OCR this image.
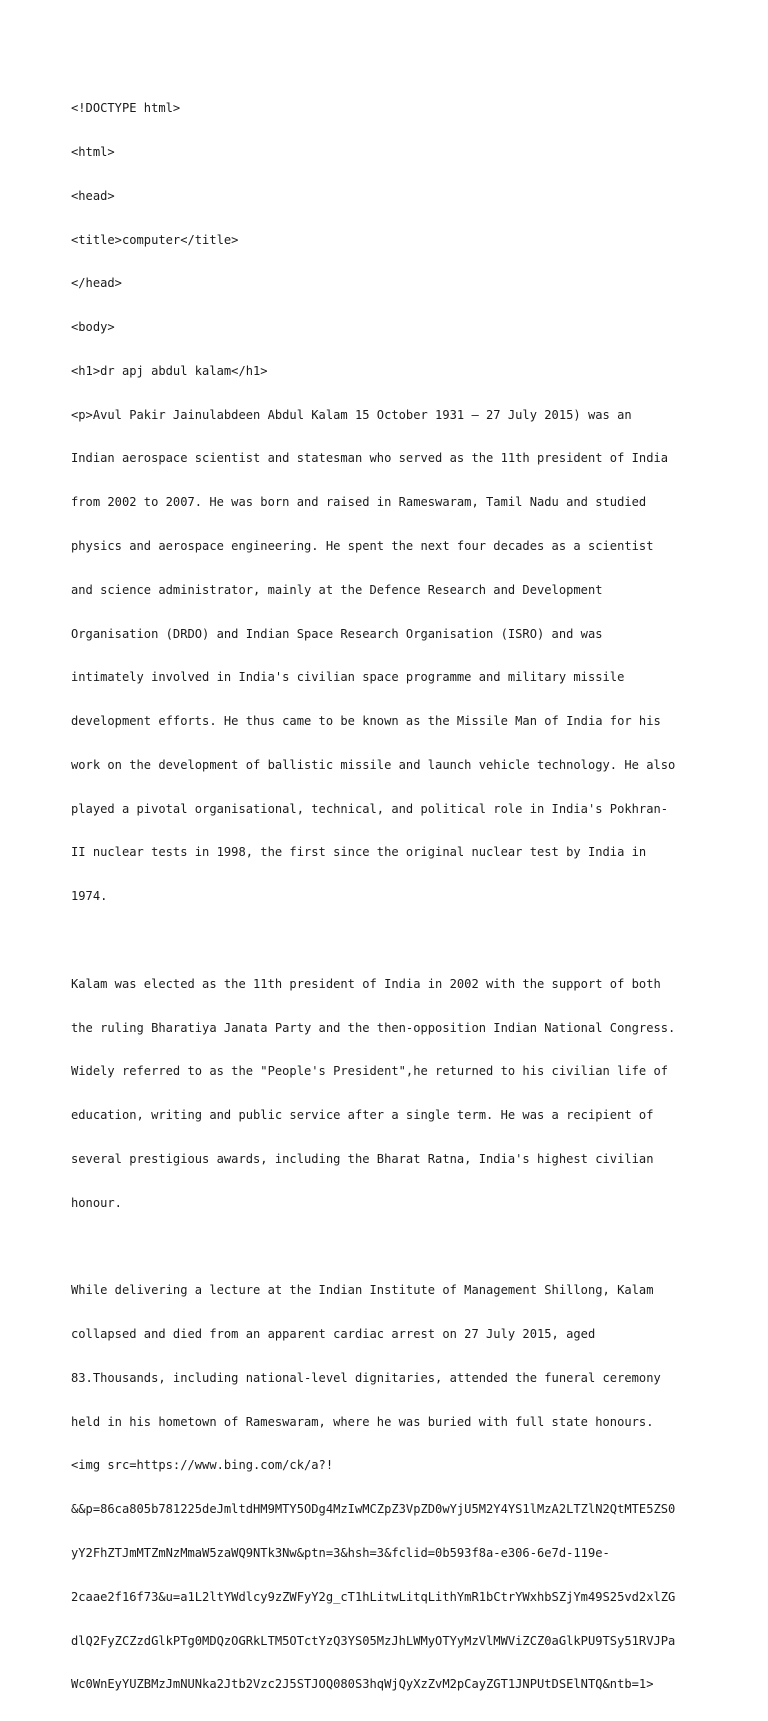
<!DOCTYPE html>

<html>

<head>

<title>computer</title>

</head>

<body>

<h1>dr apj abdul kalam</h1>

<p>Avul Pakir Jainulabdeen Abdul Kalam 15 October 1931 – 27 July 2015) was an

Indian aerospace scientist and statesman who served as the 11th president of India

from 2002 to 2007. He was born and raised in Rameswaram, Tamil Nadu and studied

physics and aerospace engineering. He spent the next four decades as a scientist

and science administrator, mainly at the Defence Research and Development

Organisation (DRDO) and Indian Space Research Organisation (ISRO) and was

intimately involved in India's civilian space programme and military missile

development efforts. He thus came to be known as the Missile Man of India for his

work on the development of ballistic missile and launch vehicle technology. He also

played a pivotal organisational, technical, and political role in India's Pokhran-

II nuclear tests in 1998, the first since the original nuclear test by India in

1974.

Kalam was elected as the 11th president of India in 2002 with the support of both

the ruling Bharatiya Janata Party and the then-opposition Indian National Congress.

Widely referred to as the "People's President",he returned to his civilian life of

education, writing and public service after a single term. He was a recipient of

several prestigious awards, including the Bharat Ratna, India's highest civilian

honour.

While delivering a lecture at the Indian Institute of Management Shillong, Kalam

collapsed and died from an apparent cardiac arrest on 27 July 2015, aged

83.Thousands, including national-level dignitaries, attended the funeral ceremony

held in his hometown of Rameswaram, where he was buried with full state honours.

<img src=https://www.bing.com/ck/a?!

&&p=86ca805b781225deJmltdHM9MTY5ODg4MzIwMCZpZ3VpZD0wYjU5M2Y4YS1lMzA2LTZlN2QtMTE5ZS0

yY2FhZTJmMTZmNzMmaW5zaWQ9NTk3Nw&ptn=3&hsh=3&fclid=0b593f8a-e306-6e7d-119e-

2caae2f16f73&u=a1L2ltYWdlcy9zZWFyY2g_cT1hLitwLitqLithYmR1bCtrYWxhbSZjYm49S25vd2xlZG

dlQ2FyZCZzdGlkPTg0MDQzOGRkLTM5OTctYzQ3YS05MzJhLWMyOTYyMzVlMWViZCZ0aGlkPU9TSy51RVJPa

Wc0WnEyYUZBMzJmNUNka2Jtb2Vzc2J5STJOQ080S3hqWjQyXzZvM2pCayZGT1JNPUtDSElNTQ&ntb=1>
